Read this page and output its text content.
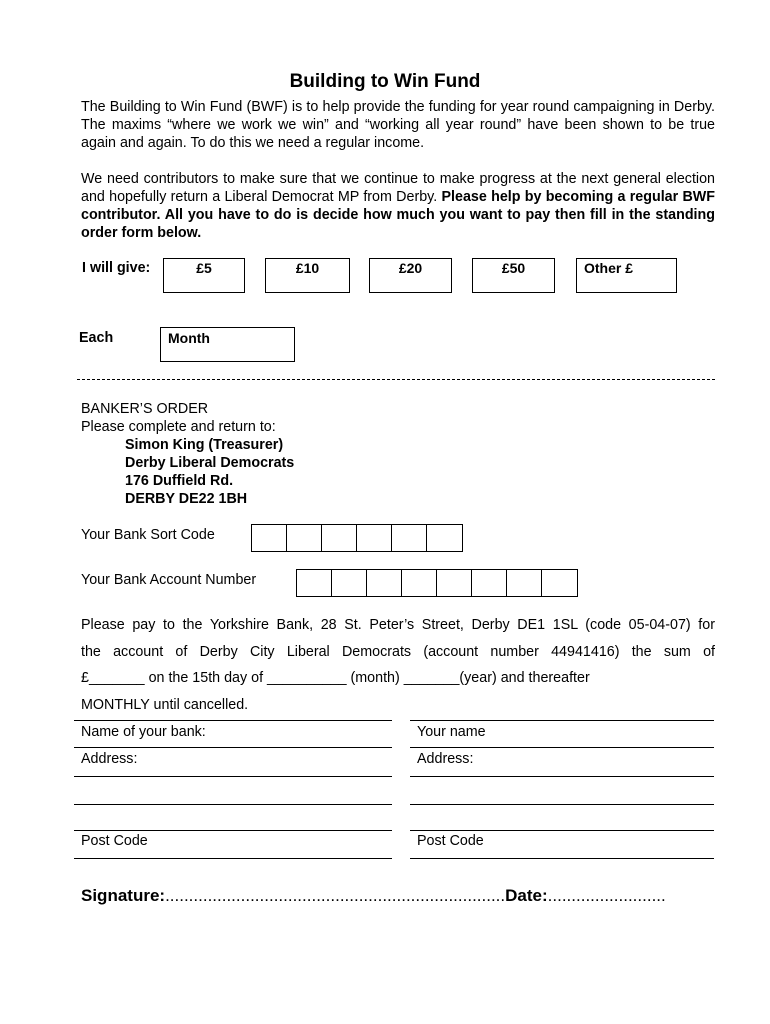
Building to Win Fund
The Building to Win Fund (BWF) is to help provide the funding for year round campaigning in Derby. The maxims “where we work we win” and “working all year round” have been shown to be true again and again. To do this we need a regular income.
We need contributors to make sure that we continue to make progress at the next general election and hopefully return a Liberal Democrat MP from Derby. Please help by becoming a regular BWF contributor. All you have to do is decide how much you want to pay then fill in the standing order form below.
I will give:	£5	£10	£20	£50	Other £
Each	Month
BANKER’S ORDER
Please complete and return to:
Simon King (Treasurer)
Derby Liberal Democrats
176 Duffield Rd.
DERBY DE22 1BH
Your Bank Sort Code
Your Bank Account Number
Please pay to the Yorkshire Bank, 28 St. Peter’s Street, Derby DE1 1SL (code 05-04-07) for
the account of Derby City Liberal Democrats (account number 44941416) the sum of
£_______ on the 15th day of __________ (month) _______(year) and thereafter
MONTHLY until cancelled.
Name of your bank:	Your name
Address:	Address:
Post Code	Post Code
Signature:........................................................................Date:.........................
